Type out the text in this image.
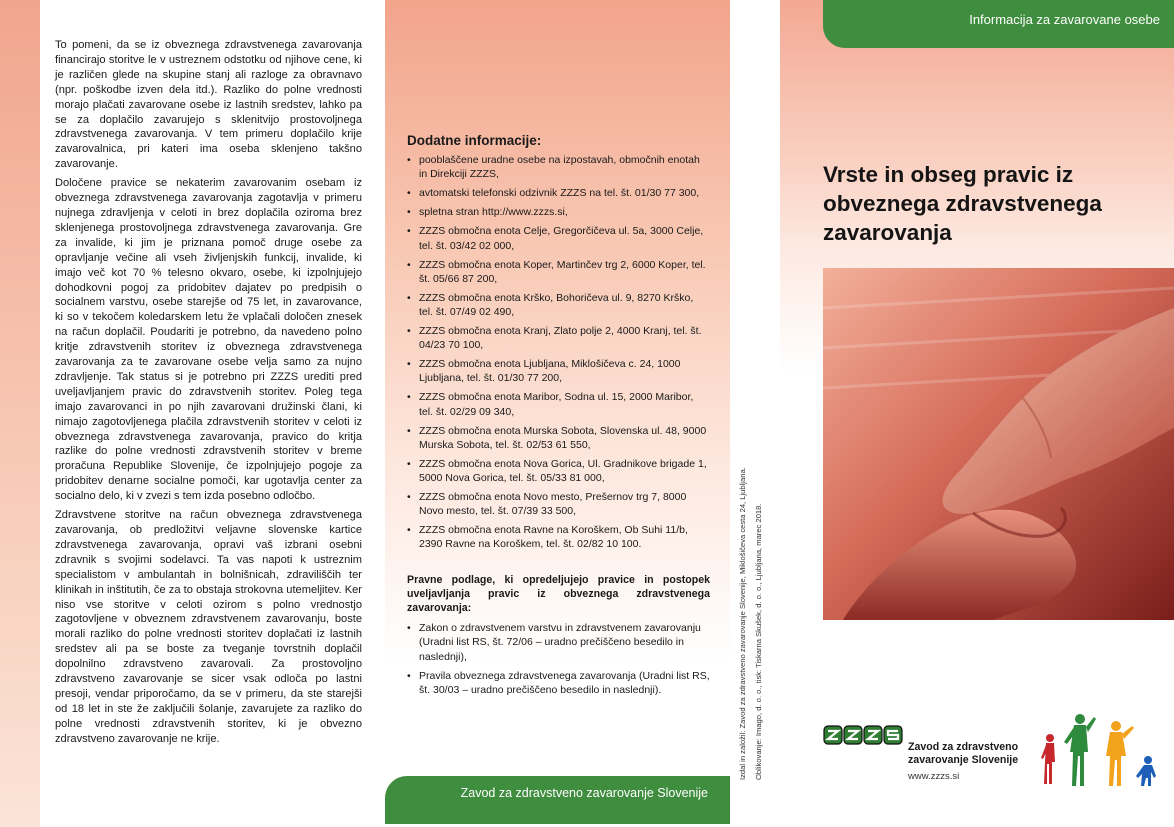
To pomeni, da se iz obveznega zdravstvenega zavarovanja financirajo storitve le v ustreznem odstotku od njihove cene, ki je različen glede na skupine stanj ali razloge za obravnavo (npr. poškodbe izven dela itd.). Razliko do polne vrednosti morajo plačati zavarovane osebe iz lastnih sredstev, lahko pa se za doplačilo zavarujejo s sklenitvijo prostovoljnega zdravstvenega zavarovanja. V tem primeru doplačilo krije zavarovalnica, pri kateri ima oseba sklenjeno takšno zavarovanje.

Določene pravice se nekaterim zavarovanim osebam iz obveznega zdravstvenega zavarovanja zagotavlja v primeru nujnega zdravljenja v celoti in brez doplačila oziroma brez sklenjenega prostovoljnega zdravstvenega zavarovanja. Gre za invalide, ki jim je priznana pomoč druge osebe za opravljanje večine ali vseh življenjskih funkcij, invalide, ki imajo več kot 70 % telesno okvaro, osebe, ki izpolnjujejo dohodkovni pogoj za pridobitev dajatev po predpisih o socialnem varstvu, osebe starejše od 75 let, in zavarovance, ki so v tekočem koledarskem letu že vplačali določen znesek na račun doplačil. Poudariti je potrebno, da navedeno polno kritje zdravstvenih storitev iz obveznega zdravstvenega zavarovanja za te zavarovane osebe velja samo za nujno zdravljenje. Tak status si je potrebno pri ZZZS urediti pred uveljavljanjem pravic do zdravstvenih storitev. Poleg tega imajo zavarovanci in po njih zavarovani družinski člani, ki nimajo zagotovljenega plačila zdravstvenih storitev v celoti iz obveznega zdravstvenega zavarovanja, pravico do kritja razlike do polne vrednosti zdravstvenih storitev v breme proračuna Republike Slovenije, če izpolnjujejo pogoje za pridobitev denarne socialne pomoči, kar ugotavlja center za socialno delo, ki v zvezi s tem izda posebno odločbo.

Zdravstvene storitve na račun obveznega zdravstvenega zavarovanja, ob predložitvi veljavne slovenske kartice zdravstvenega zavarovanja, opravi vaš izbrani osebni zdravnik s svojimi sodelavci. Ta vas napoti k ustreznim specialistom v ambulantah in bolnišnicah, zdraviliščih ter klinikah in inštitutih, če za to obstaja strokovna utemeljitev. Ker niso vse storitve v celoti ozirom s polno vrednostjo zagotovljene v obveznem zdravstvenem zavarovanju, boste morali razliko do polne vrednosti storitev doplačati iz lastnih sredstev ali pa se boste za tveganje tovrstnih doplačil dopolnilno zdravstveno zavarovali. Za prostovoljno zdravstveno zavarovanje se sicer vsak odloča po lastni presoji, vendar priporočamo, da se v primeru, da ste starejši od 18 let in ste že zaključili šolanje, zavarujete za razliko do polne vrednosti zdravstvenih storitev, ki je obvezno zdravstveno zavarovanje ne krije.

Dodatne informacije:
• pooblaščene uradne osebe na izpostavah, območnih enotah in Direkciji ZZZS,
• avtomatski telefonski odzivnik ZZZS na tel. št. 01/30 77 300,
• spletna stran http://www.zzzs.si,
• ZZZS območna enota Celje, Gregorčičeva ul. 5a, 3000 Celje, tel. št. 03/42 02 000,
• ZZZS območna enota Koper, Martinčev trg 2, 6000 Koper, tel. št. 05/66 87 200,
• ZZZS območna enota Krško, Bohoričeva ul. 9, 8270 Krško, tel. št. 07/49 02 490,
• ZZZS območna enota Kranj, Zlato polje 2, 4000 Kranj, tel. št. 04/23 70 100,
• ZZZS območna enota Ljubljana, Miklošičeva c. 24, 1000 Ljubljana, tel. št. 01/30 77 200,
• ZZZS območna enota Maribor, Sodna ul. 15, 2000 Maribor, tel. št. 02/29 09 340,
• ZZZS območna enota Murska Sobota, Slovenska ul. 48, 9000 Murska Sobota, tel. št. 02/53 61 550,
• ZZZS območna enota Nova Gorica, Ul. Gradnikove brigade 1, 5000 Nova Gorica, tel. št. 05/33 81 000,
• ZZZS območna enota Novo mesto, Prešernov trg 7, 8000 Novo mesto, tel. št. 07/39 33 500,
• ZZZS območna enota Ravne na Koroškem, Ob Suhi 11/b, 2390 Ravne na Koroškem, tel. št. 02/82 10 100.
Pravne podlage, ki opredeljujejo pravice in postopek uveljavljanja pravic iz obveznega zdravstvenega zavarovanja:
• Zakon o zdravstvenem varstvu in zdravstvenem zavarovanju (Uradni list RS, št. 72/06 – uradno prečiščeno besedilo in naslednji),
• Pravila obveznega zdravstvenega zavarovanja (Uradni list RS, št. 30/03 – uradno prečiščeno besedilo in naslednji).
Zavod za zdravstveno zavarovanje Slovenije
Izdal in založil: Zavod za zdravstveno zavarovanje Slovenije, Miklošičeva cesta 24, Ljubljana. Oblikovanje: Imago, d. o. o., tisk: Tiskarna Skušek, d. o. o., Ljubljana, marec 2018.
Informacija za zavarovane osebe
Vrste in obseg pravic iz
obveznega zdravstvenega
zavarovanja
Zavod za zdravstveno
zavarovanje Slovenije
www.zzzs.si
